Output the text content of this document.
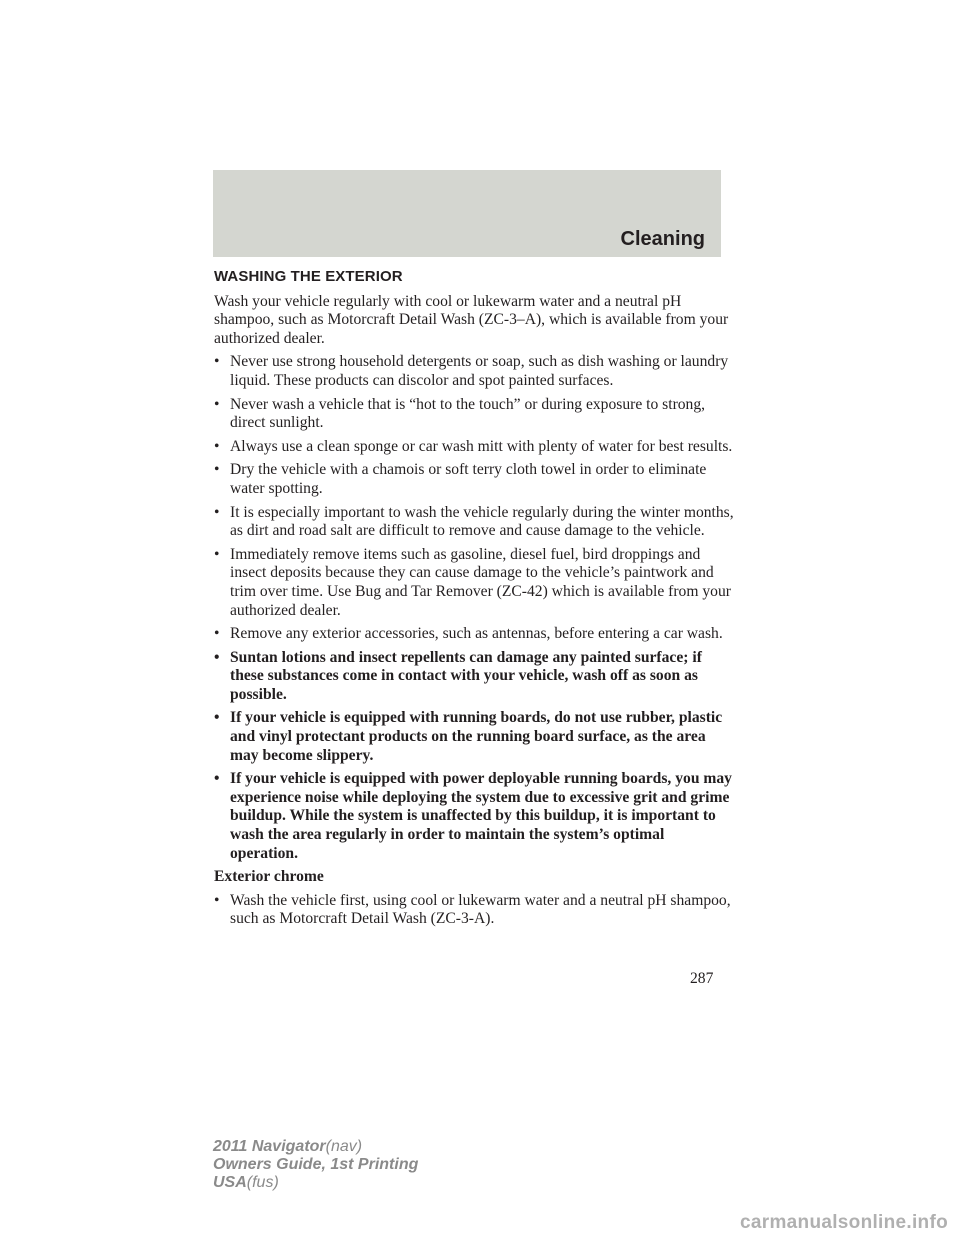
Cleaning
WASHING THE EXTERIOR
Wash your vehicle regularly with cool or lukewarm water and a neutral pH shampoo, such as Motorcraft Detail Wash (ZC-3–A), which is available from your authorized dealer.
• Never use strong household detergents or soap, such as dish washing or laundry liquid. These products can discolor and spot painted surfaces.
• Never wash a vehicle that is “hot to the touch” or during exposure to strong, direct sunlight.
• Always use a clean sponge or car wash mitt with plenty of water for best results.
• Dry the vehicle with a chamois or soft terry cloth towel in order to eliminate water spotting.
• It is especially important to wash the vehicle regularly during the winter months, as dirt and road salt are difficult to remove and cause damage to the vehicle.
• Immediately remove items such as gasoline, diesel fuel, bird droppings and insect deposits because they can cause damage to the vehicle’s paintwork and trim over time. Use Bug and Tar Remover (ZC-42) which is available from your authorized dealer.
• Remove any exterior accessories, such as antennas, before entering a car wash.
• Suntan lotions and insect repellents can damage any painted surface; if these substances come in contact with your vehicle, wash off as soon as possible.
• If your vehicle is equipped with running boards, do not use rubber, plastic and vinyl protectant products on the running board surface, as the area may become slippery.
• If your vehicle is equipped with power deployable running boards, you may experience noise while deploying the system due to excessive grit and grime buildup. While the system is unaffected by this buildup, it is important to wash the area regularly in order to maintain the system’s optimal operation.
Exterior chrome
• Wash the vehicle first, using cool or lukewarm water and a neutral pH shampoo, such as Motorcraft Detail Wash (ZC-3-A).
287
2011 Navigator(nav)
Owners Guide, 1st Printing
USA(fus)
carmanualsonline.info
